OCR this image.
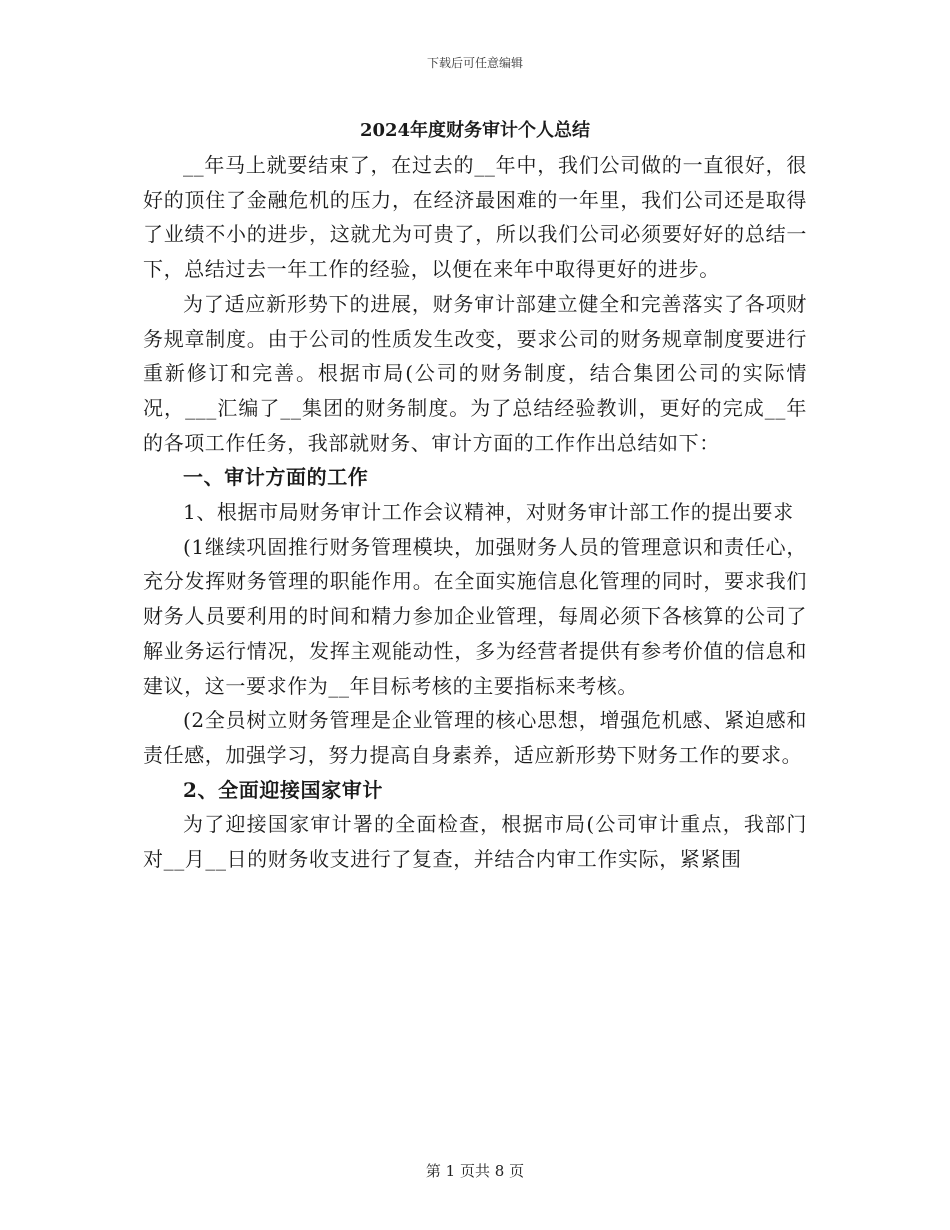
下载后可任意编辑
2024年度财务审计个人总结

__年马上就要结束了，在过去的__年中，我们公司做的一直很好，很好的顶住了金融危机的压力，在经济最困难的一年里，我们公司还是取得了业绩不小的进步，这就尤为可贵了，所以我们公司必须要好好的总结一下，总结过去一年工作的经验，以便在来年中取得更好的进步。

为了适应新形势下的进展，财务审计部建立健全和完善落实了各项财务规章制度。由于公司的性质发生改变，要求公司的财务规章制度要进行重新修订和完善。根据市局(公司的财务制度，结合集团公司的实际情况，___汇编了__集团的财务制度。为了总结经验教训，更好的完成__年的各项工作任务，我部就财务、审计方面的工作作出总结如下：

一、审计方面的工作

1、根据市局财务审计工作会议精神，对财务审计部工作的提出要求

(1继续巩固推行财务管理模块，加强财务人员的管理意识和责任心，充分发挥财务管理的职能作用。在全面实施信息化管理的同时，要求我们财务人员要利用的时间和精力参加企业管理，每周必须下各核算的公司了解业务运行情况，发挥主观能动性，多为经营者提供有参考价值的信息和建议，这一要求作为__年目标考核的主要指标来考核。

(2全员树立财务管理是企业管理的核心思想，增强危机感、紧迫感和责任感，加强学习，努力提高自身素养，适应新形势下财务工作的要求。

2、全面迎接国家审计

为了迎接国家审计署的全面检查，根据市局(公司审计重点，我部门对__月__日的财务收支进行了复查，并结合内审工作实际，紧紧围

第 1 页共 8 页
